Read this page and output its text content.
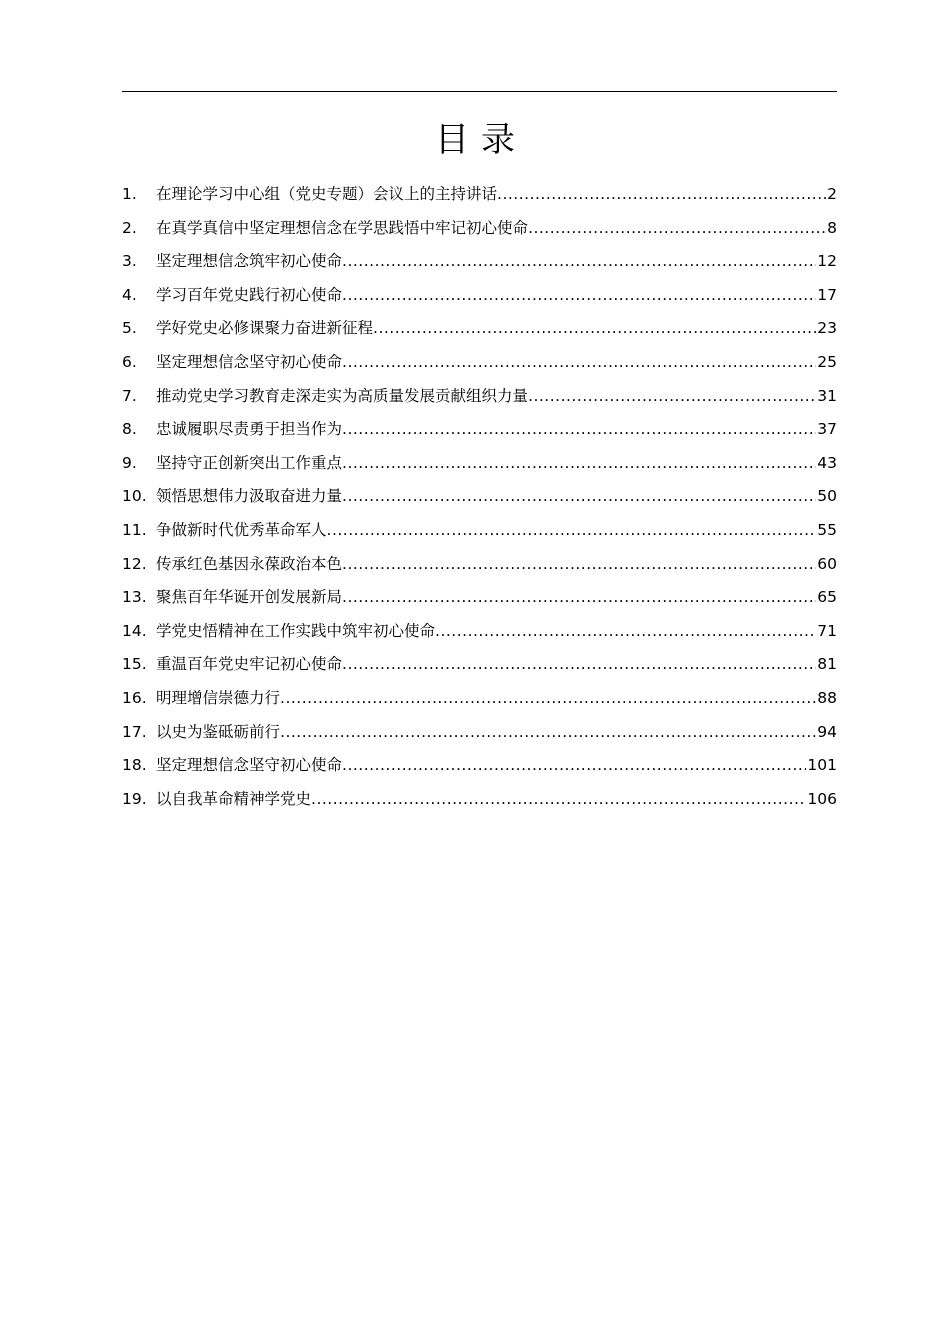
目录
1.	在理论学习中心组（党史专题）会议上的主持讲话 .....	2
2.	在真学真信中坚定理想信念在学思践悟中牢记初心使命 .....	8
3.	坚定理想信念筑牢初心使命 .....	12
4.	学习百年党史践行初心使命 .....	17
5.	学好党史必修课聚力奋进新征程 .....	23
6.	坚定理想信念坚守初心使命 .....	25
7.	推动党史学习教育走深走实为高质量发展贡献组织力量 .....	31
8.	忠诚履职尽责勇于担当作为 .....	37
9.	坚持守正创新突出工作重点 .....	43
10. 领悟思想伟力汲取奋进力量 .....	50
11. 争做新时代优秀革命军人 .....	55
12. 传承红色基因永葆政治本色 .....	60
13. 聚焦百年华诞开创发展新局 .....	65
14. 学党史悟精神在工作实践中筑牢初心使命 .....	71
15. 重温百年党史牢记初心使命 .....	81
16. 明理增信崇德力行 .....	88
17. 以史为鉴砥砺前行 .....	94
18. 坚定理想信念坚守初心使命 .....	101
19. 以自我革命精神学党史 .....	106
